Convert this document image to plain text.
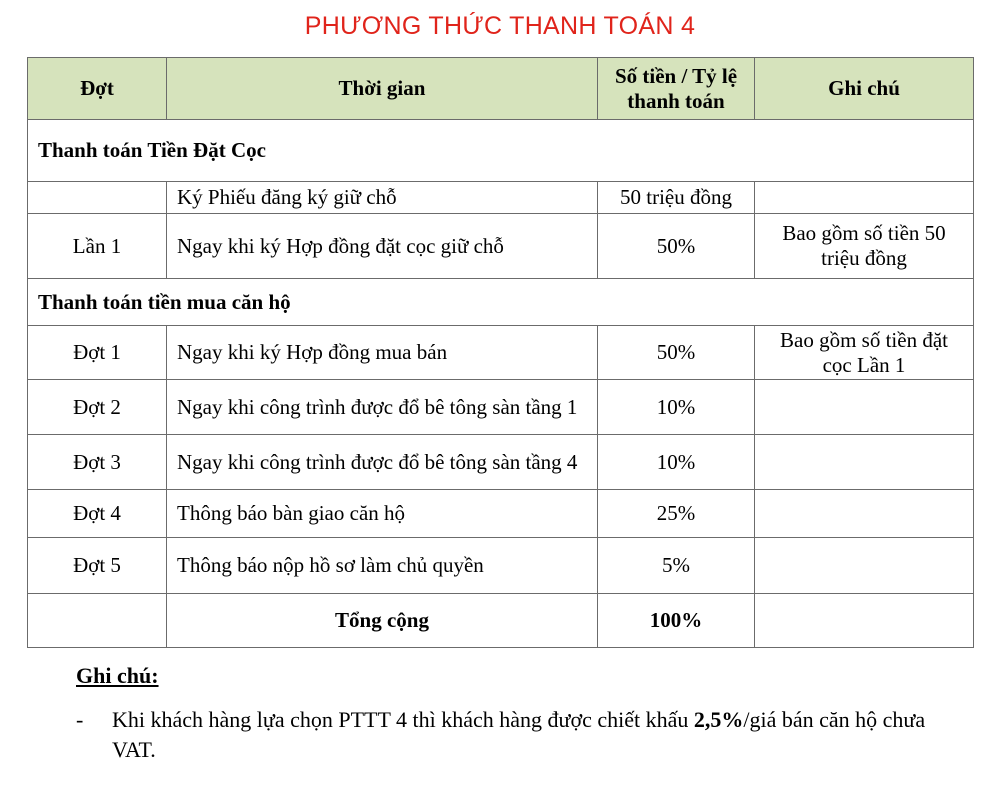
PHƯƠNG THỨC THANH TOÁN 4
Đợt	Thời gian	Số tiền / Tỷ lệ thanh toán	Ghi chú
Thanh toán Tiền Đặt Cọc			
	Ký Phiếu đăng ký giữ chỗ	50 triệu đồng	
Lần 1	Ngay khi ký Hợp đồng đặt cọc giữ chỗ	50%	Bao gồm số tiền 50 triệu đồng
Thanh toán tiền mua căn hộ			
Đợt 1	Ngay khi ký Hợp đồng mua bán	50%	Bao gồm số tiền đặt cọc Lần 1
Đợt 2	Ngay khi công trình được đổ bê tông sàn tầng 1	10%	
Đợt 3	Ngay khi công trình được đổ bê tông sàn tầng 4	10%	
Đợt 4	Thông báo bàn giao căn hộ	25%	
Đợt 5	Thông báo nộp hồ sơ làm chủ quyền	5%	
	Tổng cộng	100%	
Ghi chú:
- Khi khách hàng lựa chọn PTTT 4 thì khách hàng được chiết khấu 2,5%/giá bán căn hộ chưa VAT.
